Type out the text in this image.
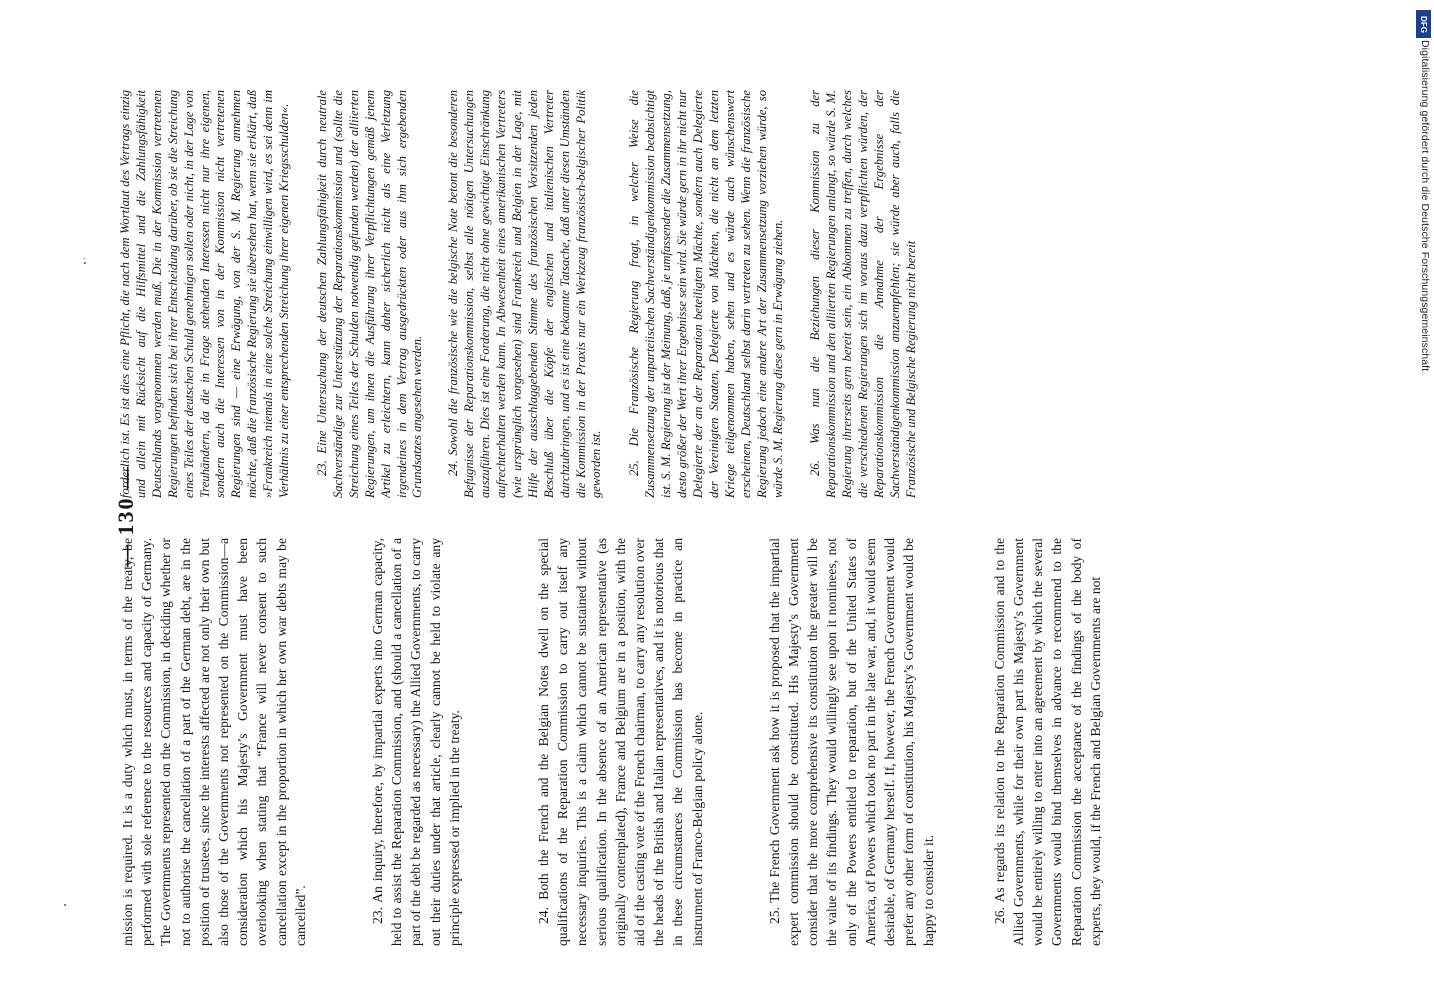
— 130 —

mission is required. It is a duty which must, in terms of the treaty, be performed with sole reference to the resources and capacity of Germany. The Governments represented on the Commission, in deciding whether or not to authorise the cancellation of a part of the German debt, are in the position of trustees, since the interests affected are not only their own but also those of the Governments not represented on the Commission—a consideration which his Majesty’s Government must have been overlooking when stating that “France will never consent to such cancellation except in the proportion in which her own war debts may be cancelled”.	23. An inquiry, therefore, by impartial experts into German capacity, held to assist the Reparation Commission, and (should a cancellation of a part of the debt be regarded as necessary) the Allied Governments, to carry out their duties under that article, clearly cannot be held to violate any principle expressed or implied in the treaty.	24. Both the French and the Belgian Notes dwell on the special qualifications of the Reparation Commission to carry out itself any necessary inquiries. This is a claim which cannot be sustained without serious qualification. In the absence of an American representative (as originally contemplated), France and Belgium are in a position, with the aid of the casting vote of the French chairman, to carry any resolution over the heads of the British and Italian representatives, and it is notorious that in these circumstances the Commission has become in practice an instrument of Franco-Belgian policy alone.	25. The French Government ask how it is proposed that the impartial expert commission should be constituted. His Majesty’s Government consider that the more comprehensive its constitution the greater will be the value of its findings. They would willingly see upon it nominees, not only of the Powers entitled to reparation, but of the United States of America, of Powers which took no part in the late war, and, it would seem desirable, of Germany herself. If, however, the French Government would prefer any other form of constitution, his Majesty’s Government would be happy to consider it.	26. As regards its relation to the Reparation Commission and to the Allied Governments, while for their own part his Majesty’s Government would be entirely willing to enter into an agreement by which the several Governments would bind themselves in advance to recommend to the Reparation Commission the acceptance of the findings of the body of experts, they would, if the French and Belgian Governments are not

forderlich ist. Es ist dies eine Pflicht, die nach dem Wortlaut des Vertrags einzig und allein mit Rücksicht auf die Hilfsmittel und die Zahlungsfähigkeit Deutschlands vorgenommen werden muß. Die in der Kommission vertretenen Regierungen befinden sich bei ihrer Entscheidung darüber, ob sie die Streichung eines Teiles der deutschen Schuld genehmigen sollen oder nicht, in der Lage von Treuhändern, da die in Frage stehenden Interessen nicht nur ihre eigenen, sondern auch die Interessen von in der Kommission nicht vertretenen Regierungen sind — eine Erwägung, von der S. M. Regierung annehmen möchte, daß die französische Regierung sie übersehen hat, wenn sie erklärt, daß »Frankreich niemals in eine solche Streichung einwilligen wird, es sei denn im Verhältnis zu einer entsprechenden Streichung ihrer eigenen Kriegsschulden«. 23. Eine Untersuchung der deutschen Zahlungsfähigkeit durch neutrale Sachverständige zur Unterstützung der Reparationskommission und (sollte die Streichung eines Teiles der Schulden notwendig gefunden werden) der alliierten Regierungen, um ihnen die Ausführung ihrer Verpflichtungen gemäß jenem Artikel zu erleichtern, kann daher sicherlich nicht als eine Verletzung irgendeines in dem Vertrag ausgedrückten oder aus ihm sich ergebenden Grundsatzes angesehen werden. 24. Sowohl die französische wie die belgische Note betont die besonderen Befugnisse der Reparationskommission, selbst alle nötigen Untersuchungen auszuführen. Dies ist eine Forderung, die nicht ohne gewichtige Einschränkung aufrechterhalten werden kann. In Abwesenheit eines amerikanischen Vertreters (wie ursprünglich vorgesehen) sind Frankreich und Belgien in der Lage, mit Hilfe der ausschlaggebenden Stimme des französischen Vorsitzenden jeden Beschluß über die Köpfe der englischen und italienischen Vertreter durchzubringen, und es ist eine bekannte Tatsache, daß unter diesen Umständen die Kommission in der Praxis nur ein Werkzeug französisch-belgischer Politik geworden ist. 25. Die Französische Regierung fragt, in welcher Weise die Zusammensetzung der unparteiischen Sachverständigenkommission beabsichtigt ist. S. M. Regierung ist der Meinung, daß, je umfassender die Zusammensetzung, desto größer der Wert ihrer Ergebnisse sein wird. Sie würde gern in ihr nicht nur Delegierte der an der Reparation beteiligten Mächte, sondern auch Delegierte der Vereinigten Staaten, Delegierte von Mächten, die nicht an dem letzten Kriege teilgenommen haben, sehen und es würde auch wünschenswert erscheinen, Deutschland selbst darin vertreten zu sehen. Wenn die französische Regierung jedoch eine andere Art der Zusammensetzung vorziehen würde, so würde S. M. Regierung diese gern in Erwägung ziehen. 26. Was nun die Beziehungen dieser Kommission zu der Reparationskommission und den alliierten Regierungen anlangt, so würde S. M. Regierung ihrerseits gern bereit sein, ein Abkommen zu treffen, durch welches die verschiedenen Regierungen sich im voraus dazu verpflichten würden, der Reparationskommission die Annahme der Ergebnisse der Sachverständigenkommission anzuempfehlen; sie würde aber auch, falls die Französische und Belgische Regierung nicht bereit

DFG
Digitalisierung gefördert durch die Deutsche Forschungsgemeinschaft
